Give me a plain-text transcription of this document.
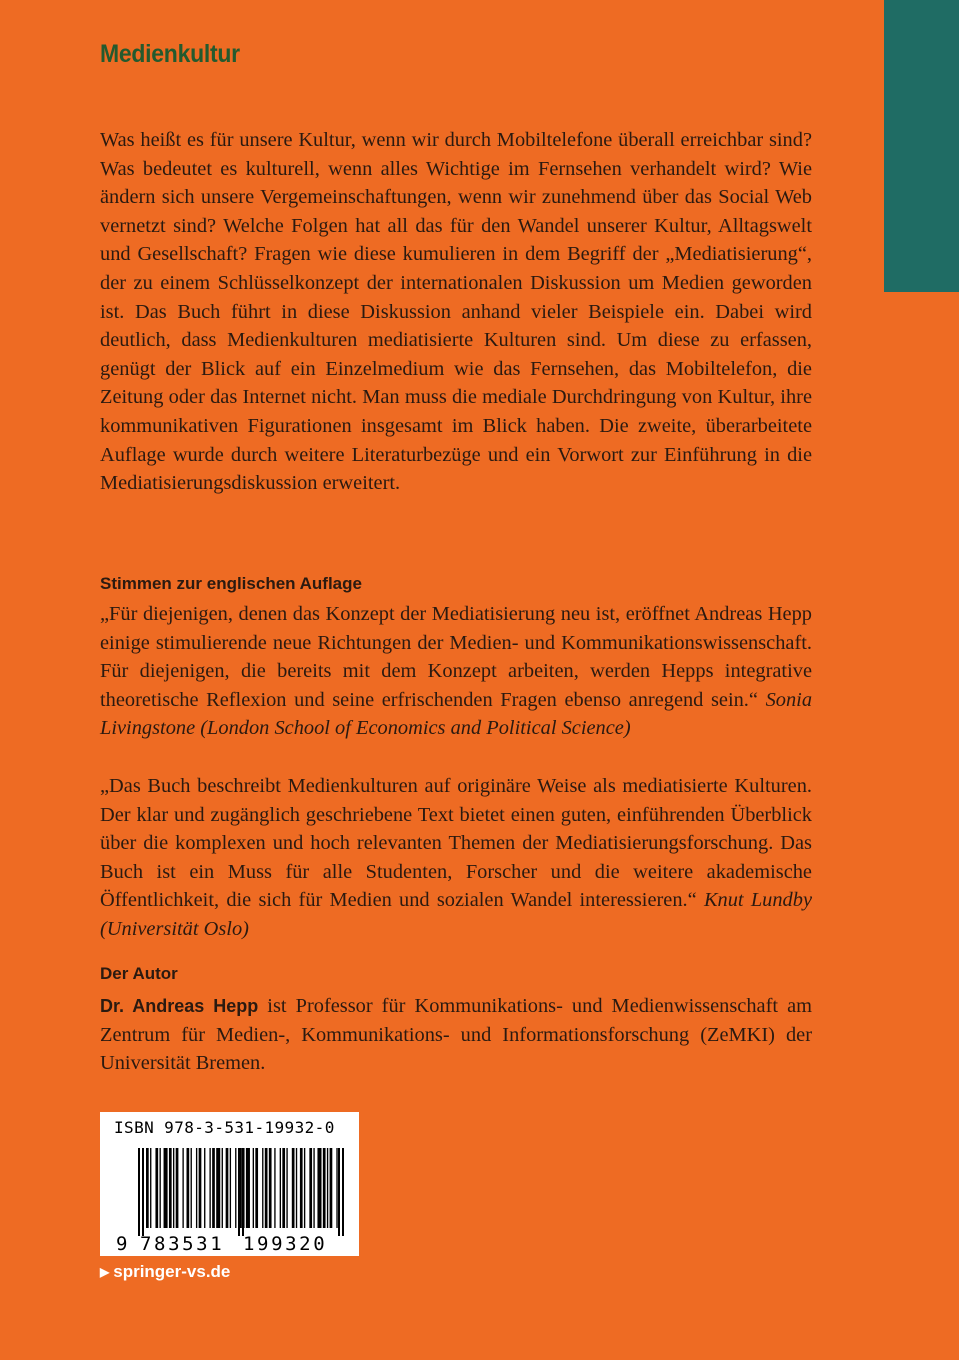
Medienkultur

Was heißt es für unsere Kultur, wenn wir durch Mobiltelefone überall erreichbar sind? Was bedeutet es kulturell, wenn alles Wichtige im Fernsehen verhandelt wird? Wie ändern sich unsere Vergemeinschaftungen, wenn wir zunehmend über das Social Web vernetzt sind? Welche Folgen hat all das für den Wandel unserer Kultur, Alltagswelt und Gesellschaft? Fragen wie diese kumulieren in dem Begriff der „Mediatisierung“, der zu einem Schlüsselkonzept der internationalen Diskussion um Medien geworden ist. Das Buch führt in diese Diskussion anhand vieler Beispiele ein. Dabei wird deutlich, dass Medienkulturen mediatisierte Kulturen sind. Um diese zu erfassen, genügt der Blick auf ein Einzelmedium wie das Fernsehen, das Mobiltelefon, die Zeitung oder das Internet nicht. Man muss die mediale Durchdringung von Kultur, ihre kommunikativen Figurationen insgesamt im Blick haben. Die zweite, überarbeitete Auflage wurde durch weitere Literaturbezüge und ein Vorwort zur Einführung in die Mediatisierungsdiskussion erweitert.

Stimmen zur englischen Auflage

„Für diejenigen, denen das Konzept der Mediatisierung neu ist, eröffnet Andreas Hepp einige stimulierende neue Richtungen der Medien- und Kommunikationswissenschaft. Für diejenigen, die bereits mit dem Konzept arbeiten, werden Hepps integrative theoretische Reflexion und seine erfrischenden Fragen ebenso anregend sein.“ Sonia Livingstone (London School of Economics and Political Science)

„Das Buch beschreibt Medienkulturen auf originäre Weise als mediatisierte Kulturen. Der klar und zugänglich geschriebene Text bietet einen guten, einführenden Überblick über die komplexen und hoch relevanten Themen der Mediatisierungsforschung. Das Buch ist ein Muss für alle Studenten, Forscher und die weitere akademische Öffentlichkeit, die sich für Medien und sozialen Wandel interessieren.“ Knut Lundby (Universität Oslo)

Der Autor

Dr. Andreas Hepp ist Professor für Kommunikations- und Medienwissenschaft am Zentrum für Medien-, Kommunikations- und Informationsforschung (ZeMKI) der Universität Bremen.

ISBN 978-3-531-19932-0
9 783531 199320
▶ springer-vs.de
